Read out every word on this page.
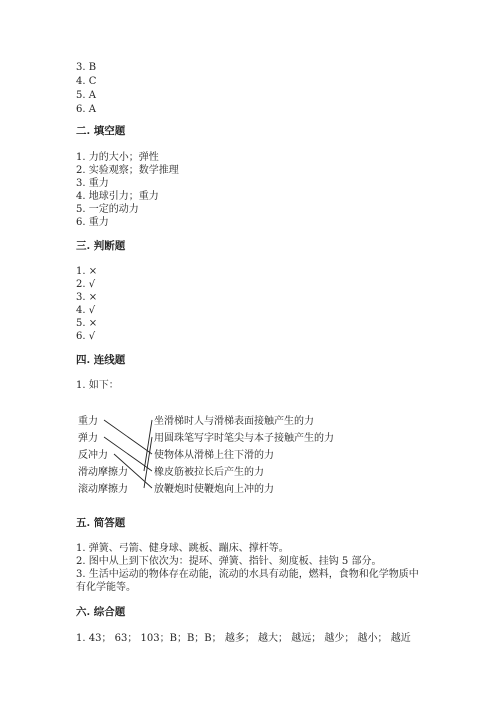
3. B
4. C
5. A
6. A
二. 填空题
1. 力的大小；弹性
2. 实验观察；数学推理
3. 重力
4. 地球引力；重力
5. 一定的动力
6. 重力
三. 判断题
1. ×
2. √
3. ×
4. √
5. ×
6. √
四. 连线题
1. 如下：
重力
弹力
反冲力
滑动摩擦力
滚动摩擦力
坐滑梯时人与滑梯表面接触产生的力
用圆珠笔写字时笔尖与本子接触产生的力
使物体从滑梯上往下滑的力
橡皮筋被拉长后产生的力
放鞭炮时使鞭炮向上冲的力
五. 简答题
1. 弹簧、弓箭、健身球、跳板、蹦床、撑杆等。
2. 图中从上到下依次为：提环、弹簧、指针、刻度板、挂钩 5 部分。
3. 生活中运动的物体存在动能，流动的水具有动能，燃料，食物和化学物质中
有化学能等。
六. 综合题
1. 43； 63； 103；B；B；B； 越多； 越大； 越远； 越少； 越小； 越近
